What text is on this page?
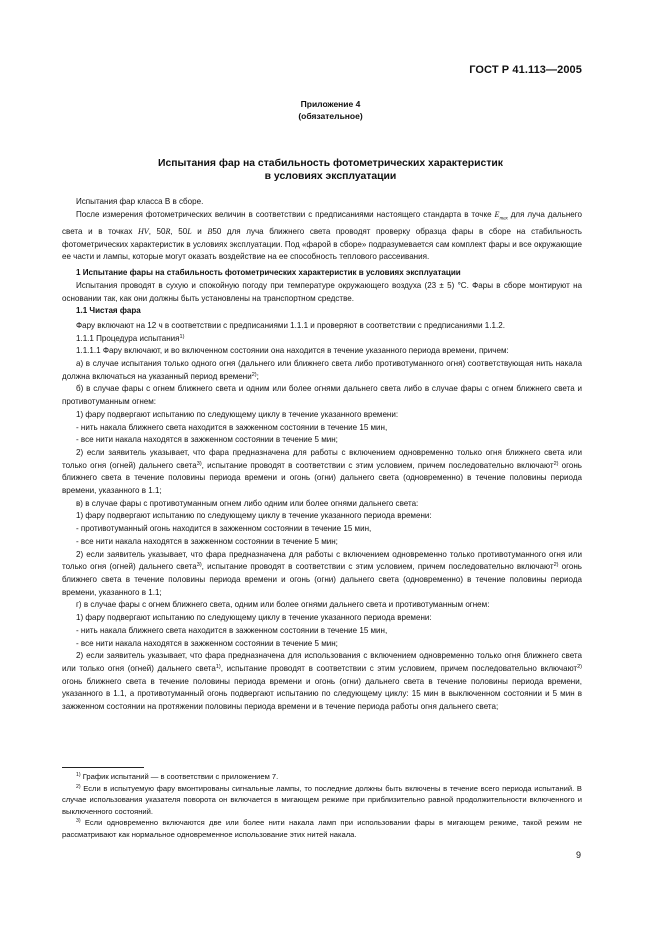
ГОСТ Р 41.113—2005
Приложение 4
(обязательное)
Испытания фар на стабильность фотометрических характеристик
в условиях эксплуатации

Испытания фар класса В в сборе.

После измерения фотометрических величин в соответствии с предписаниями настоящего стандарта в точке $E_{max}$ для луча дальнего света и в точках HV, 50R, 50L и B50 для луча ближнего света проводят проверку образца фары в сборе на стабильность фотометрических характеристик в условиях эксплуатации. Под «фарой в сборе» подразумевается сам комплект фары и все окружающие ее части и лампы, которые могут оказать воздействие на ее способность теплового рассеивания.

1 Испытание фары на стабильность фотометрических характеристик в условиях эксплуатации

Испытания проводят в сухую и спокойную погоду при температуре окружающего воздуха (23 ± 5) °С. Фары в сборе монтируют на основании так, как они должны быть установлены на транспортном средстве.

1.1 Чистая фара

Фару включают на 12 ч в соответствии с предписаниями 1.1.1 и проверяют в соответствии с предписаниями 1.1.2.

1.1.1 Процедура испытания$^{1)}$

1.1.1.1 Фару включают, и во включенном состоянии она находится в течение указанного периода времени, причем:

а) в случае испытания только одного огня (дальнего или ближнего света либо противотуманного огня) соответствующая нить накала должна включаться на указанный период времени$^{2)}$;

б) в случае фары с огнем ближнего света и одним или более огнями дальнего света либо в случае фары с огнем ближнего света и противотуманным огнем:

1) фару подвергают испытанию по следующему циклу в течение указанного времени:

- нить накала ближнего света находится в зажженном состоянии в течение 15 мин,

- все нити накала находятся в зажженном состоянии в течение 5 мин;

2) если заявитель указывает, что фара предназначена для работы с включением одновременно только огня ближнего света или только огня (огней) дальнего света$^{3)}$, испытание проводят в соответствии с этим условием, причем последовательно включают$^{2)}$ огонь ближнего света в течение половины периода времени и огонь (огни) дальнего света (одновременно) в течение половины периода времени, указанного в 1.1;

в) в случае фары с противотуманным огнем либо одним или более огнями дальнего света:

1) фару подвергают испытанию по следующему циклу в течение указанного периода времени:

- противотуманный огонь находится в зажженном состоянии в течение 15 мин,

- все нити накала находятся в зажженном состоянии в течение 5 мин;

2) если заявитель указывает, что фара предназначена для работы с включением одновременно только противотуманного огня или только огня (огней) дальнего света$^{3)}$, испытание проводят в соответствии с этим условием, причем последовательно включают$^{2)}$ огонь ближнего света в течение половины периода времени и огонь (огни) дальнего света (одновременно) в течение половины периода времени, указанного в 1.1;

г) в случае фары с огнем ближнего света, одним или более огнями дальнего света и противотуманным огнем:

1) фару подвергают испытанию по следующему циклу в течение указанного периода времени:

- нить накала ближнего света находится в зажженном состоянии в течение 15 мин,

- все нити накала находятся в зажженном состоянии в течение 5 мин;

2) если заявитель указывает, что фара предназначена для использования с включением одновременно только огня ближнего света или только огня (огней) дальнего света$^{1)}$, испытание проводят в соответствии с этим условием, причем последовательно включают$^{2)}$ огонь ближнего света в течение половины периода времени и огонь (огни) дальнего света в течение половины периода времени, указанного в 1.1, а противотуманный огонь подвергают испытанию по следующему циклу: 15 мин в выключенном состоянии и 5 мин в зажженном состоянии на протяжении половины периода времени и в течение периода работы огня дальнего света;

$^{1)}$ График испытаний — в соответствии с приложением 7.

$^{2)}$ Если в испытуемую фару вмонтированы сигнальные лампы, то последние должны быть включены в течение всего периода испытаний. В случае использования указателя поворота он включается в мигающем режиме при приблизительно равной продолжительности включенного и выключенного состояний.

$^{3)}$ Если одновременно включаются две или более нити накала ламп при использовании фары в мигающем режиме, такой режим не рассматривают как нормальное одновременное использование этих нитей накала.

9
